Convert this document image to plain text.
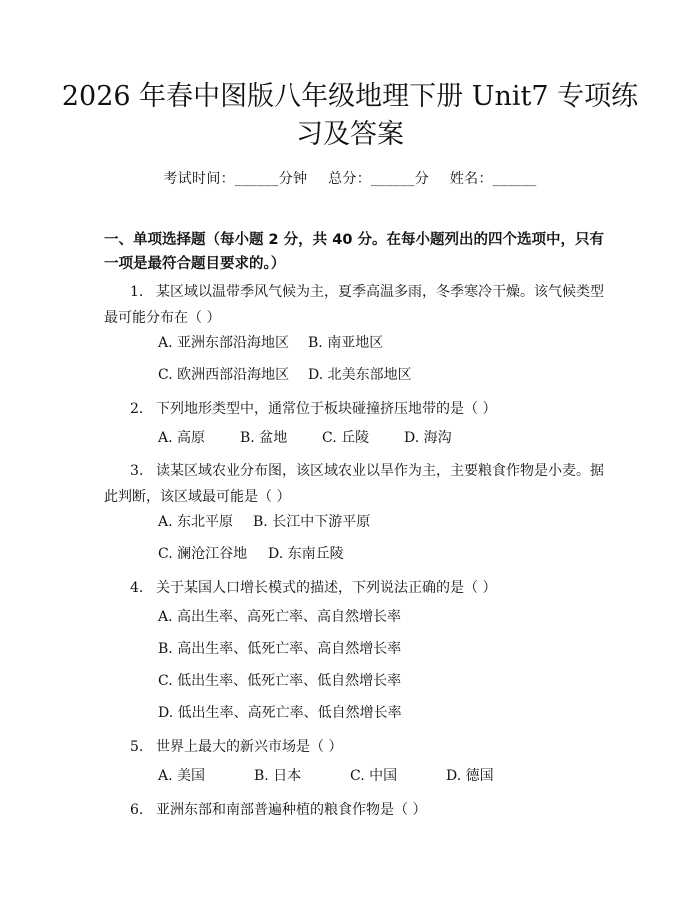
2026 年春中图版八年级地理下册 Unit7 专项练习及答案
考试时间：______分钟 总分：______分 姓名：______
一、单项选择题（每小题 2 分，共 40 分。在每小题列出的四个选项中，只有一项是最符合题目要求的。）
1. 某区域以温带季风气候为主，夏季高温多雨，冬季寒冷干燥。该气候类型最可能分布在（ ）
A. 亚洲东部沿海地区 B. 南亚地区
C. 欧洲西部沿海地区 D. 北美东部地区
2. 下列地形类型中，通常位于板块碰撞挤压地带的是（ ）
A. 高原 B. 盆地 C. 丘陵 D. 海沟
3. 读某区域农业分布图，该区域农业以旱作为主，主要粮食作物是小麦。据此判断，该区域最可能是（ ）
A. 东北平原 B. 长江中下游平原
C. 澜沧江谷地 D. 东南丘陵
4. 关于某国人口增长模式的描述，下列说法正确的是（ ）
A. 高出生率、高死亡率、高自然增长率
B. 高出生率、低死亡率、高自然增长率
C. 低出生率、低死亡率、低自然增长率
D. 低出生率、高死亡率、低自然增长率
5. 世界上最大的新兴市场是（ ）
A. 美国	B. 日本	C. 中国	D. 德国
6. 亚洲东部和南部普遍种植的粮食作物是（ ）
